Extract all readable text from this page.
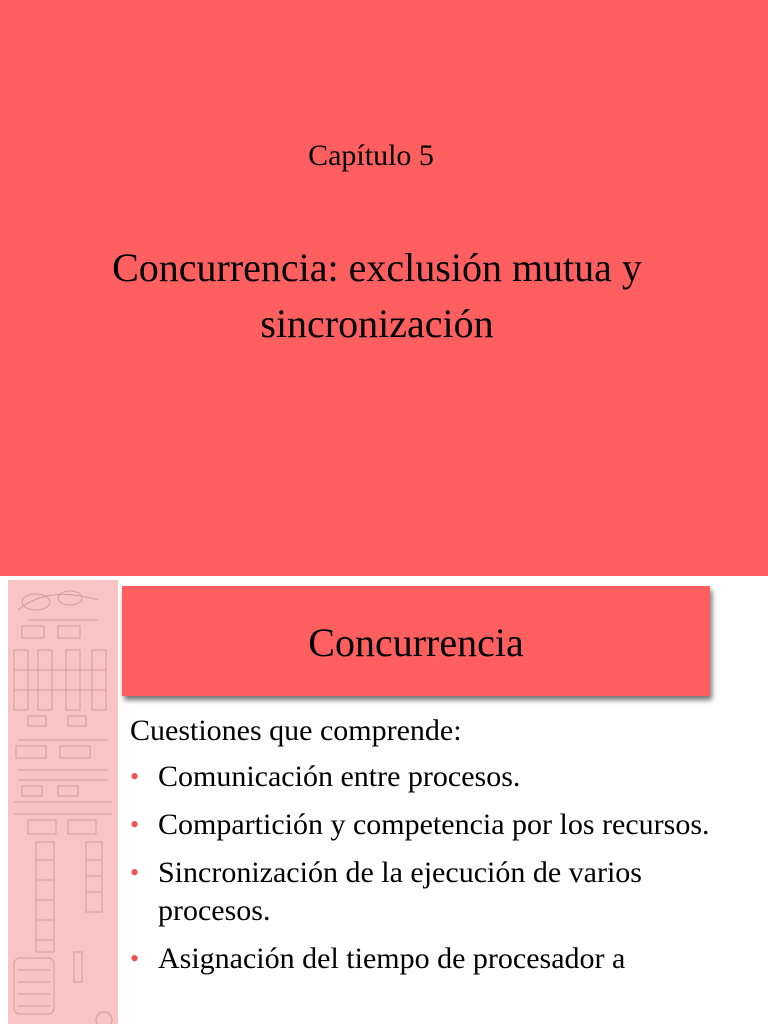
Capítulo 5
Concurrencia: exclusión mutua y
sincronización
Concurrencia
Cuestiones que comprende:
• Comunicación entre procesos.
• Compartición y competencia por los recursos.
• Sincronización de la ejecución de varios procesos.
• Asignación del tiempo de procesador a
